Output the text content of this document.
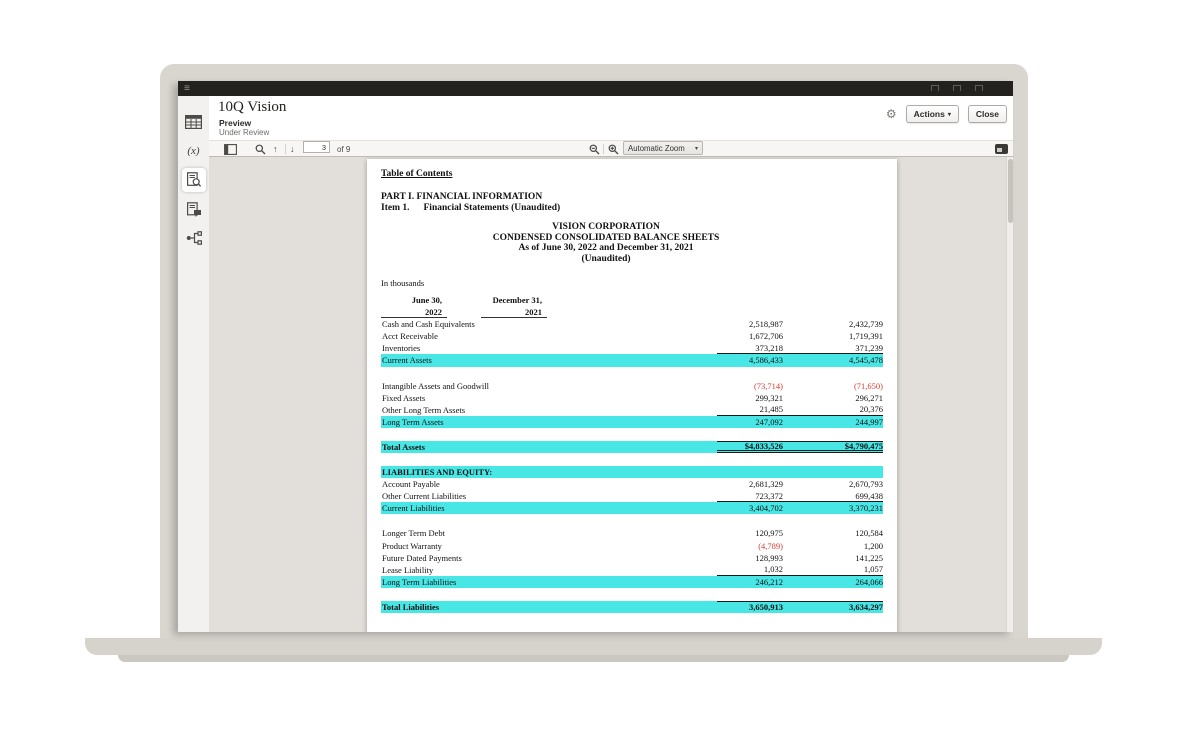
≡
(x)
10Q Vision
Preview
Under Review
⚙ Actions ▾	Close
↑ ↓
3	of 9	Automatic Zoom	▾
Table of Contents
PART I. FINANCIAL INFORMATION
Item 1. Financial Statements (Unaudited)
VISION CORPORATION
CONDENSED CONSOLIDATED BALANCE SHEETS
As of June 30, 2022 and December 31, 2021
(Unaudited)
In thousands
June 30,	December 31,
2022	2021
Cash and Cash Equivalents	2,518,987	2,432,739
Acct Receivable	1,672,706	1,719,391
Inventories	373,218	371,239
Current Assets	4,586,433	4,545,478
Intangible Assets and Goodwill	(73,714)	(71,650)
Fixed Assets	299,321	296,271
Other Long Term Assets	21,485	20,376
Long Term Assets	247,092	244,997
Total Assets	$4,833,526	$4,790,475
LIABILITIES AND EQUITY:
Account Payable	2,681,329	2,670,793
Other Current Liabilities	723,372	699,438
Current Liabilities	3,404,702	3,370,231
Longer Term Debt	120,975	120,584
Product Warranty	(4,789)	1,200
Future Dated Payments	128,993	141,225
Lease Liability	1,032	1,057
Long Term Liabilities	246,212	264,066
Total Liabilities	3,650,913	3,634,297
